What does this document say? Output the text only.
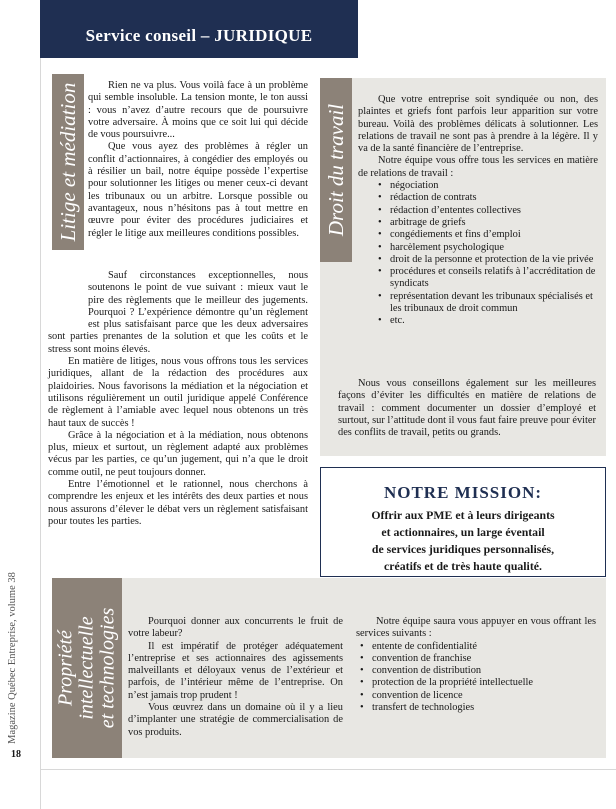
Service conseil – JURIDIQUE
Magazine Québec Entreprise, volume 38
18
Litige et médiation	Rien ne va plus. Vous voilà face à un problème qui semble insoluble. La tension monte, le ton aussi : vous n’avez d’autre recours que de poursuivre votre adversaire. À moins que ce soit lui qui décide de vous poursuivre...

Que vous ayez des problèmes à régler un conflit d’actionnaires, à congédier des employés ou à résilier un bail, notre équipe possède l’expertise pour solutionner les litiges ou mener ceux-ci devant les tribunaux ou un arbitre. Lorsque possible ou avantageux, nous n’hésitons pas à tout mettre en œuvre pour éviter des procédures judiciaires et régler le litige aux meilleures conditions possibles.

Sauf circonstances exceptionnelles, nous soutenons le point de vue suivant : mieux vaut le pire des règlements que le meilleur des jugements. Pourquoi ? L’expérience démontre qu’un règlement est plus satisfaisant parce que les deux adversaires sont parties prenantes de la solution et que les coûts et le stress sont moins élevés.

En matière de litiges, nous vous offrons tous les services juridiques, allant de la rédaction des procédures aux plaidoiries. Nous favorisons la médiation et la négociation et utilisons régulièrement un outil juridique appelé Conférence de règlement à l’amiable avec lequel nous obtenons un très haut taux de succès !

Grâce à la négociation et à la médiation, nous obtenons plus, mieux et surtout, un règlement adapté aux problèmes vécus par les parties, ce qu’un jugement, qui n’a que le droit comme outil, ne peut toujours donner.

Entre l’émotionnel et le rationnel, nous cherchons à comprendre les enjeux et les intérêts des deux parties et nous nous assurons d’élever le débat vers un règlement satisfaisant pour toutes les parties.

Droit du travail

Que votre entreprise soit syndiquée ou non, des plaintes et griefs font parfois leur apparition sur votre bureau. Voilà des problèmes délicats à solutionner. Les relations de travail ne sont pas à prendre à la légère. Il y va de la santé financière de l’entreprise.

Notre équipe vous offre tous les services en matière de relations de travail :

• négociation
• rédaction de contrats
• rédaction d’ententes collectives
• arbitrage de griefs
• congédiements et fins d’emploi
• harcèlement psychologique
• droit de la personne et protection de la vie privée
• procédures et conseils relatifs à l’accréditation de syndicats
• représentation devant les tribunaux spécialisés et les tribunaux de droit commun
• etc.

Nous vous conseillons également sur les meilleures façons d’éviter les difficultés en matière de relations de travail : comment documenter un dossier d’employé et surtout, sur l’attitude dont il vous faut faire preuve pour éviter des conflits de travail, petits ou grands.

NOTRE MISSION:
Offrir aux PME et à leurs dirigeants
et actionnaires, un large éventail
de services juridiques personnalisés,
créatifs et de très haute qualité.
Propriété intellectuelle et technologies	Pourquoi donner aux concurrents le fruit de votre labeur?

Il est impératif de protéger adéquatement l’entreprise et ses actionnaires des agissements malveillants et déloyaux venus de l’extérieur et parfois, de l’intérieur même de l’entreprise. On n’est jamais trop prudent !

Vous œuvrez dans un domaine où il y a lieu d’implanter une stratégie de commercialisation de vos produits.

Notre équipe saura vous appuyer en vous offrant les services suivants :

• entente de confidentialité
• convention de franchise
• convention de distribution
• protection de la propriété intellectuelle
• convention de licence
• transfert de technologies
